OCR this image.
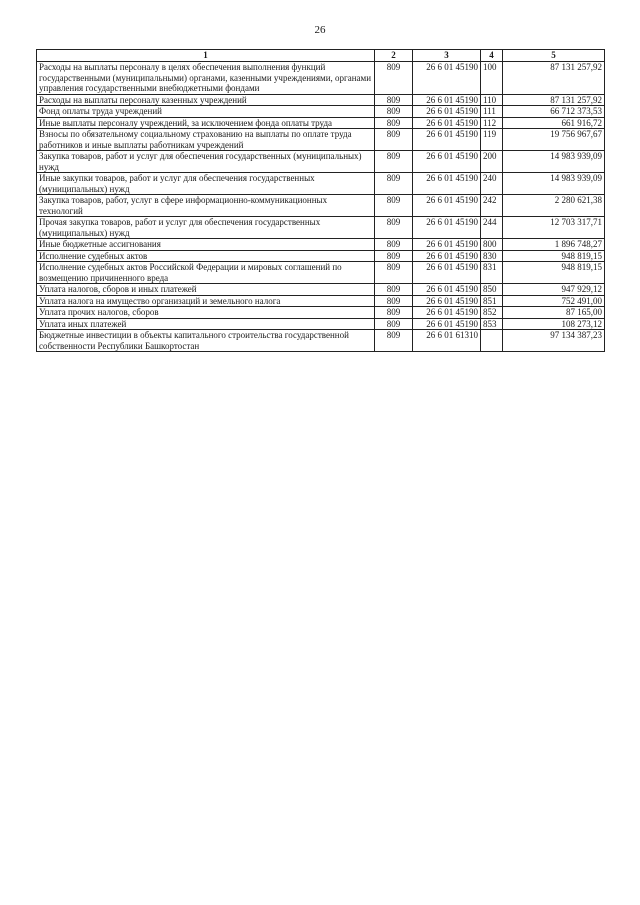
26
1	2	3	4	5
Расходы на выплаты персоналу в целях обеспечения выполнения функций государственными (муниципальными) органами, казенными учреждениями, органами управления государственными внебюджетными фондами	809	26 6 01 45190	100	87 131 257,92
Расходы на выплаты персоналу казенных учреждений	809	26 6 01 45190	110	87 131 257,92
Фонд оплаты труда учреждений	809	26 6 01 45190	111	66 712 373,53
Иные выплаты персоналу учреждений, за исключением фонда оплаты труда	809	26 6 01 45190	112	661 916,72
Взносы по обязательному социальному страхованию на выплаты по оплате труда работников и иные выплаты работникам учреждений	809	26 6 01 45190	119	19 756 967,67
Закупка товаров, работ и услуг для обеспечения государственных (муниципальных) нужд	809	26 6 01 45190	200	14 983 939,09
Иные закупки товаров, работ и услуг для обеспечения государственных (муниципальных) нужд	809	26 6 01 45190	240	14 983 939,09
Закупка товаров, работ, услуг в сфере информационно-коммуникационных технологий	809	26 6 01 45190	242	2 280 621,38
Прочая закупка товаров, работ и услуг для обеспечения государственных (муниципальных) нужд	809	26 6 01 45190	244	12 703 317,71
Иные бюджетные ассигнования	809	26 6 01 45190	800	1 896 748,27
Исполнение судебных актов	809	26 6 01 45190	830	948 819,15
Исполнение судебных актов Российской Федерации и мировых соглашений по возмещению причиненного вреда	809	26 6 01 45190	831	948 819,15
Уплата налогов, сборов и иных платежей	809	26 6 01 45190	850	947 929,12
Уплата налога на имущество организаций и земельного налога	809	26 6 01 45190	851	752 491,00
Уплата прочих налогов, сборов	809	26 6 01 45190	852	87 165,00
Уплата иных платежей	809	26 6 01 45190	853	108 273,12
Бюджетные инвестиции в объекты капитального строительства государственной собственности Республики Башкортостан	809	26 6 01 61310		97 134 387,23
